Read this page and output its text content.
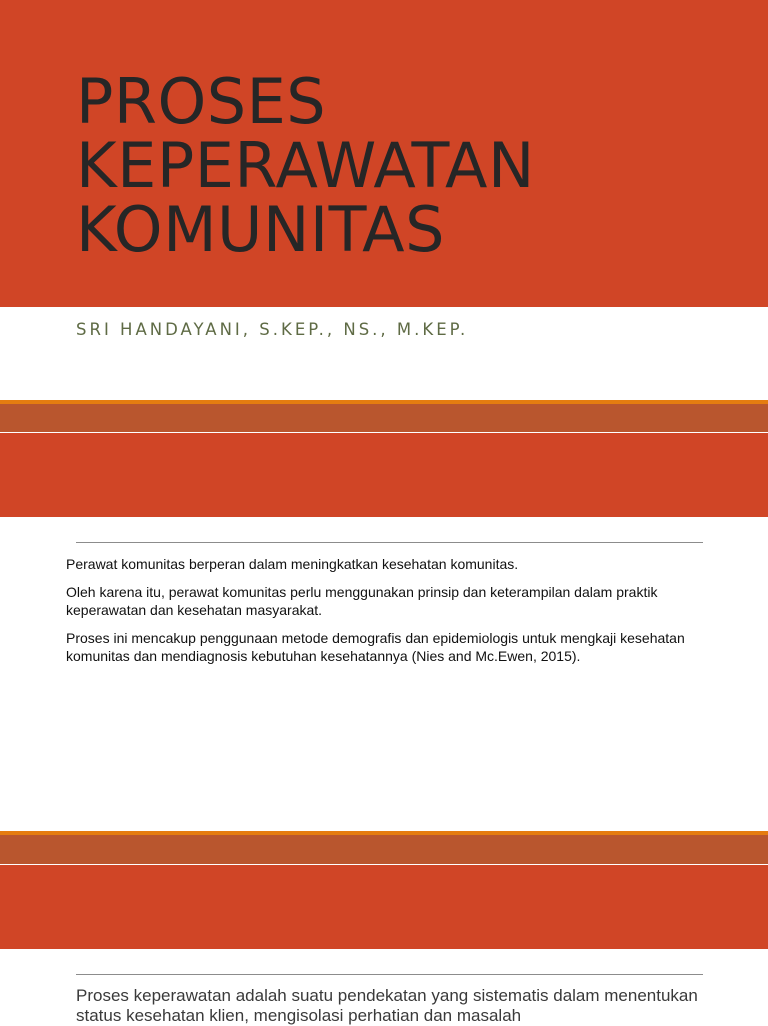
PROSES
KEPERAWATAN
KOMUNITAS
SRI HANDAYANI, S.KEP., NS., M.KEP.

Perawat komunitas berperan dalam meningkatkan kesehatan komunitas.

Oleh karena itu, perawat komunitas perlu menggunakan prinsip dan keterampilan dalam praktik keperawatan dan kesehatan masyarakat.

Proses ini mencakup penggunaan metode demografis dan epidemiologis untuk mengkaji kesehatan komunitas dan mendiagnosis kebutuhan kesehatannya (Nies and Mc.Ewen, 2015).

Proses keperawatan adalah suatu pendekatan yang sistematis dalam menentukan status kesehatan klien, mengisolasi perhatian dan masalah
